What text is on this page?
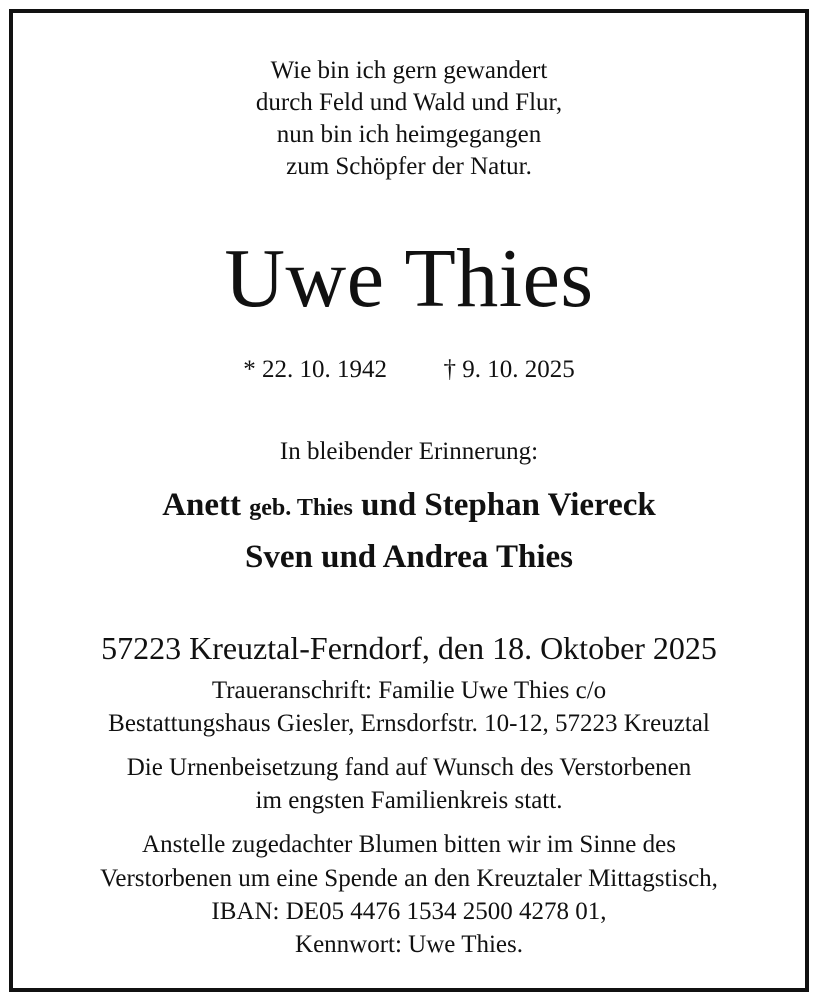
Wie bin ich gern gewandert
durch Feld und Wald und Flur,
nun bin ich heimgegangen
zum Schöpfer der Natur.
Uwe Thies
* 22. 10. 1942 † 9. 10. 2025
In bleibender Erinnerung:
Anett geb. Thies und Stephan Viereck
Sven und Andrea Thies
57223 Kreuztal-Ferndorf, den 18. Oktober 2025
Traueranschrift: Familie Uwe Thies c/o
Bestattungshaus Giesler, Ernsdorfstr. 10-12, 57223 Kreuztal
Die Urnenbeisetzung fand auf Wunsch des Verstorbenen
im engsten Familienkreis statt.
Anstelle zugedachter Blumen bitten wir im Sinne des
Verstorbenen um eine Spende an den Kreuztaler Mittagstisch,
IBAN: DE05 4476 1534 2500 4278 01,
Kennwort: Uwe Thies.
